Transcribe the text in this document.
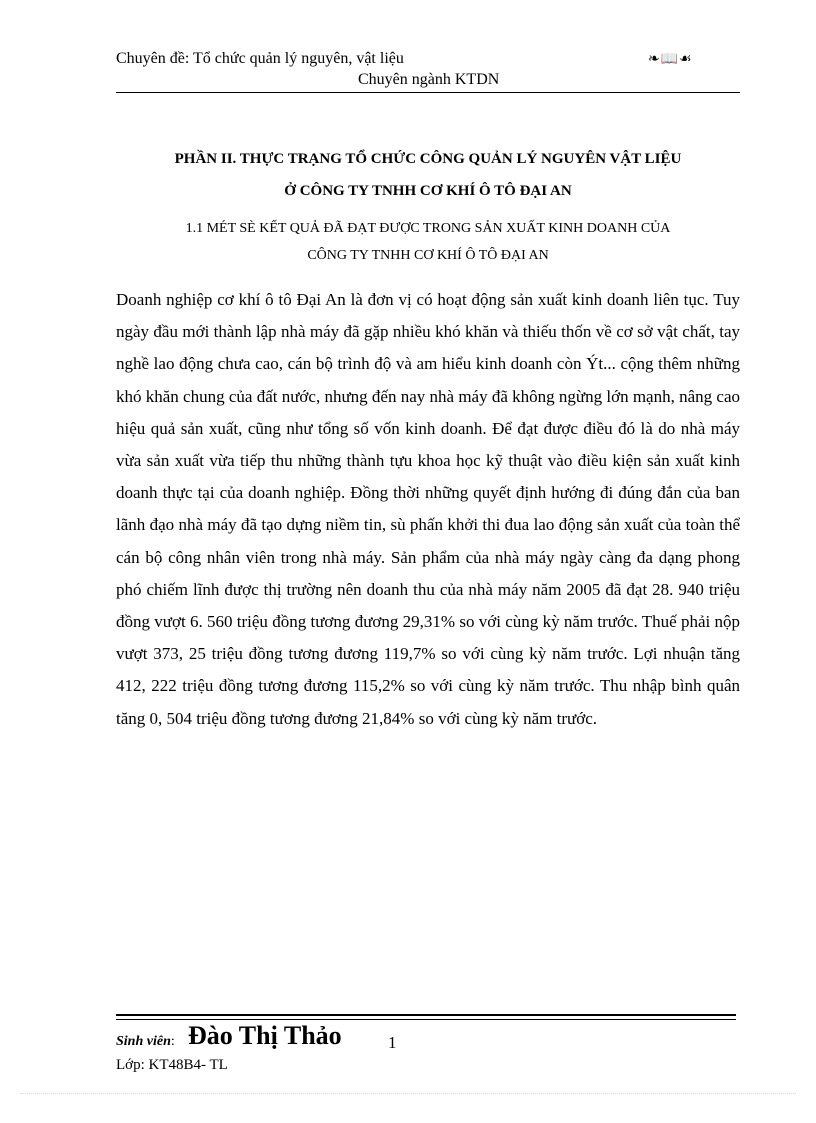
Chuyên đề: Tổ chức quản lý nguyên, vật liệu	❧📖☙
Chuyên ngành KTDN
PHẦN II. THỰC TRẠNG TỔ CHỨC CÔNG QUẢN LÝ NGUYÊN VẬT LIỆU
Ở CÔNG TY TNHH CƠ KHÍ Ô TÔ ĐẠI AN
1.1 MÉT SÈ KẾT QUẢ ĐÃ ĐẠT ĐƯỢC TRONG SẢN XUẤT KINH DOANH CỦA
CÔNG TY TNHH CƠ KHÍ Ô TÔ ĐẠI AN
Doanh nghiệp cơ khí ô tô Đại An là đơn vị có hoạt động sản xuất kinh doanh liên tục. Tuy ngày đầu mới thành lập nhà máy đã gặp nhiều khó khăn và thiếu thốn về cơ sở vật chất, tay nghề lao động chưa cao, cán bộ trình độ và am hiểu kinh doanh còn Ýt... cộng thêm những khó khăn chung của đất nước, nhưng đến nay nhà máy đã không ngừng lớn mạnh, nâng cao hiệu quả sản xuất, cũng như tổng số vốn kinh doanh. Để đạt được điều đó là do nhà máy vừa sản xuất vừa tiếp thu những thành tựu khoa học kỹ thuật vào điều kiện sản xuất kinh doanh thực tại của doanh nghiệp. Đồng thời những quyết định hướng đi đúng đắn của ban lãnh đạo nhà máy đã tạo dựng niềm tin, sù phấn khởi thi đua lao động sản xuất của toàn thể cán bộ công nhân viên trong nhà máy. Sản phẩm của nhà máy ngày càng đa dạng phong phó chiếm lĩnh được thị trường nên doanh thu của nhà máy năm 2005 đã đạt 28. 940 triệu đồng vượt 6. 560 triệu đồng tương đương 29,31% so với cùng kỳ năm trước. Thuế phải nộp vượt 373, 25 triệu đồng tương đương 119,7% so với cùng kỳ năm trước. Lợi nhuận tăng 412, 222 triệu đồng tương đương 115,2% so với cùng kỳ năm trước. Thu nhập bình quân tăng 0, 504 triệu đồng tương đương 21,84% so với cùng kỳ năm trước.
Sinh viên: Đào Thị Thảo	1
Lớp: KT48B4- TL
